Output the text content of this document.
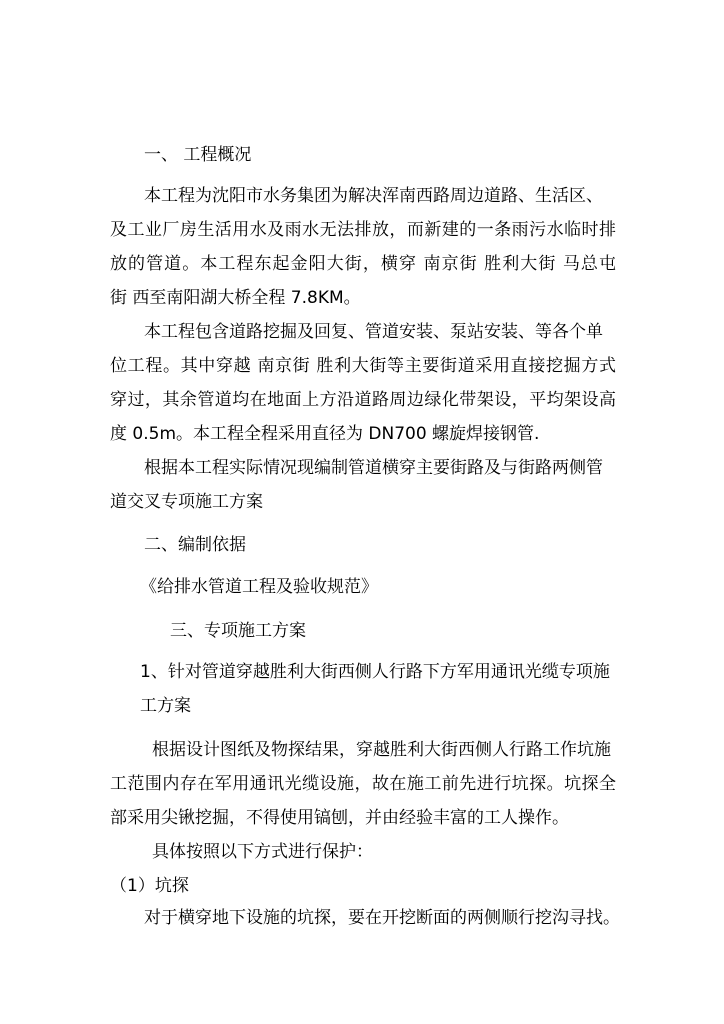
一、 工程概况
本工程为沈阳市水务集团为解决浑南西路周边道路、生活区、
及工业厂房生活用水及雨水无法排放，而新建的一条雨污水临时排
放的管道。本工程东起金阳大街，横穿 南京街 胜利大街 马总屯
街 西至南阳湖大桥全程 7.8KM。
本工程包含道路挖掘及回复、管道安装、泵站安装、等各个单
位工程。其中穿越 南京街 胜利大街等主要街道采用直接挖掘方式
穿过，其余管道均在地面上方沿道路周边绿化带架设，平均架设高
度 0.5m。本工程全程采用直径为 DN700 螺旋焊接钢管.
根据本工程实际情况现编制管道横穿主要街路及与街路两侧管
道交叉专项施工方案
二、编制依据
《给排水管道工程及验收规范》
三、专项施工方案
1、针对管道穿越胜利大街西侧人行路下方军用通讯光缆专项施
工方案
根据设计图纸及物探结果，穿越胜利大街西侧人行路工作坑施
工范围内存在军用通讯光缆设施，故在施工前先进行坑探。坑探全
部采用尖锹挖掘，不得使用镐刨，并由经验丰富的工人操作。
具体按照以下方式进行保护：
（1）坑探
对于横穿地下设施的坑探，要在开挖断面的两侧顺行挖沟寻找。
